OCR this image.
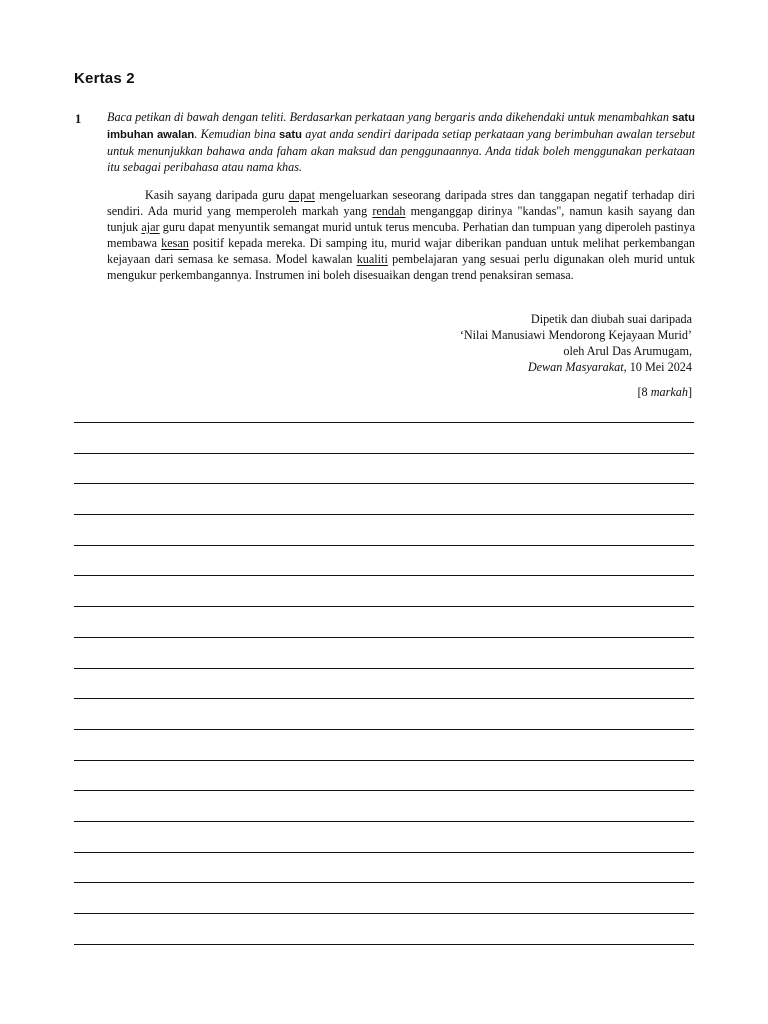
Kertas 2
1 Baca petikan di bawah dengan teliti. Berdasarkan perkataan yang bergaris anda dikehendaki untuk menambahkan satu imbuhan awalan. Kemudian bina satu ayat anda sendiri daripada setiap perkataan yang berimbuhan awalan tersebut untuk menunjukkan bahawa anda faham akan maksud dan penggunaannya. Anda tidak boleh menggunakan perkataan itu sebagai peribahasa atau nama khas.
Kasih sayang daripada guru dapat mengeluarkan seseorang daripada stres dan tanggapan negatif terhadap diri sendiri. Ada murid yang memperoleh markah yang rendah menganggap dirinya "kandas", namun kasih sayang dan tunjuk ajar guru dapat menyuntik semangat murid untuk terus mencuba. Perhatian dan tumpuan yang diperoleh pastinya membawa kesan positif kepada mereka. Di samping itu, murid wajar diberikan panduan untuk melihat perkembangan kejayaan dari semasa ke semasa. Model kawalan kualiti pembelajaran yang sesuai perlu digunakan oleh murid untuk mengukur perkembangannya. Instrumen ini boleh disesuaikan dengan trend penaksiran semasa.
Dipetik dan diubah suai daripada
‘Nilai Manusiawi Mendorong Kejayaan Murid’
oleh Arul Das Arumugam,
Dewan Masyarakat, 10 Mei 2024
[8 markah]
